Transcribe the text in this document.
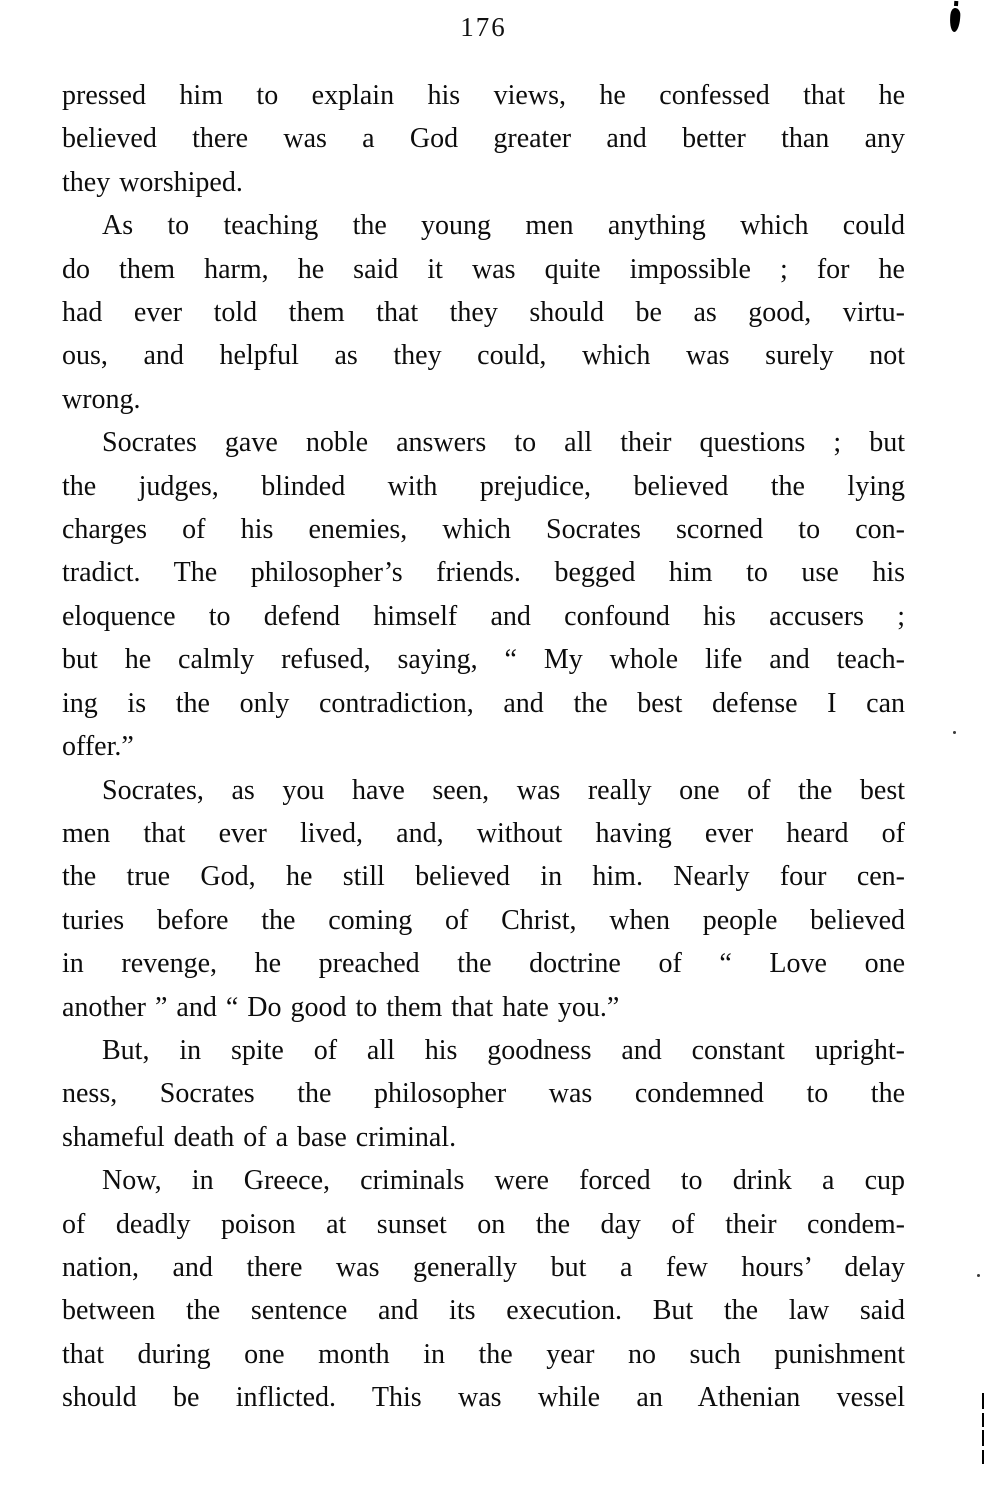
176
pressed him to explain his views, he confessed that he
believed there was a God greater and better than any
they worshiped.
As to teaching the young men anything which could
do them harm, he said it was quite impossible ; for he
had ever told them that they should be as good, virtu-
ous, and helpful as they could, which was surely not
wrong.
Socrates gave noble answers to all their questions ; but
the judges, blinded with prejudice, believed the lying
charges of his enemies, which Socrates scorned to con-
tradict. The philosopher’s friends. begged him to use his
eloquence to defend himself and confound his accusers ;
but he calmly refused, saying, “ My whole life and teach-
ing is the only contradiction, and the best defense I can
offer.”
Socrates, as you have seen, was really one of the best
men that ever lived, and, without having ever heard of
the true God, he still believed in him. Nearly four cen-
turies before the coming of Christ, when people believed
in revenge, he preached the doctrine of “ Love one
another ” and “ Do good to them that hate you.”
But, in spite of all his goodness and constant upright-
ness, Socrates the philosopher was condemned to the
shameful death of a base criminal.
Now, in Greece, criminals were forced to drink a cup
of deadly poison at sunset on the day of their condem-
nation, and there was generally but a few hours’ delay
between the sentence and its execution. But the law said
that during one month in the year no such punishment
should be inflicted. This was while an Athenian vessel
